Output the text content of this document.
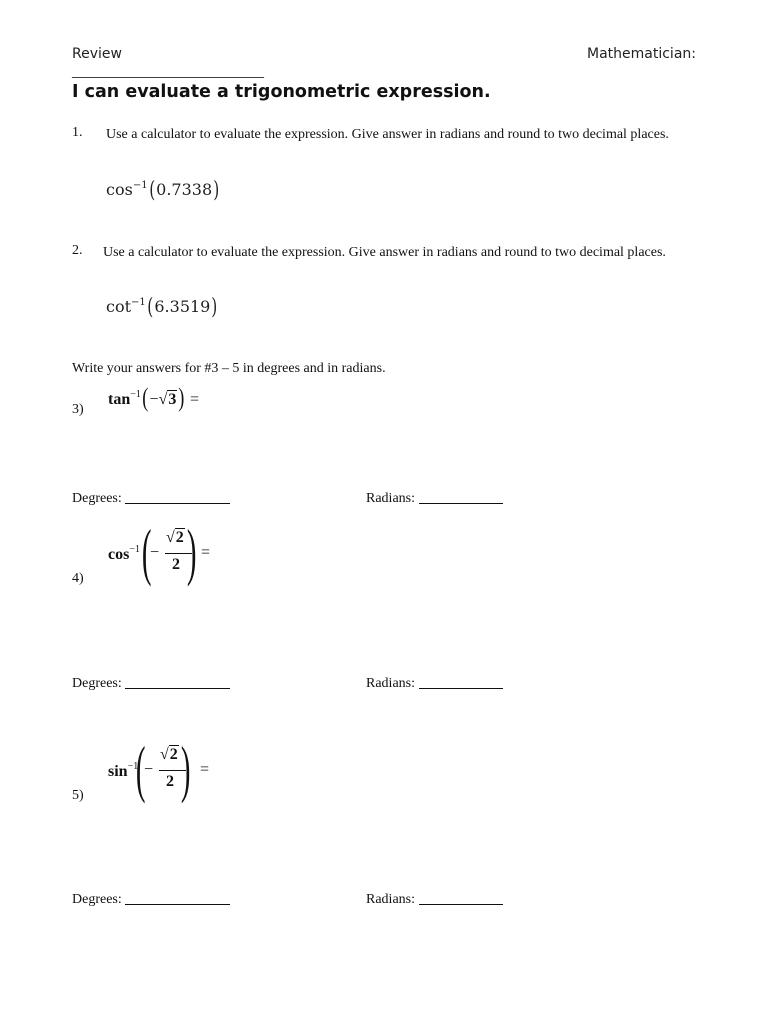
Review	Mathematician:
________________________________
I can evaluate a trigonometric expression.
1. Use a calculator to evaluate the expression. Give answer in radians and round to two decimal places.
$\cos^{-1}(0.7338)$
2. Use a calculator to evaluate the expression. Give answer in radians and round to two decimal places.
$\cot^{-1}(6.3519)$
Write your answers for #3 – 5 in degrees and in radians.
3)
$\tan^{-1}(-√3)$ =
Degrees:	Radians:
4)
$\cos^{-1}$ (
−
√2
2 ) =
Degrees:	Radians:
5)
$\sin^{-1}$
(
−
√2
2 ) =
Degrees:	Radians:
